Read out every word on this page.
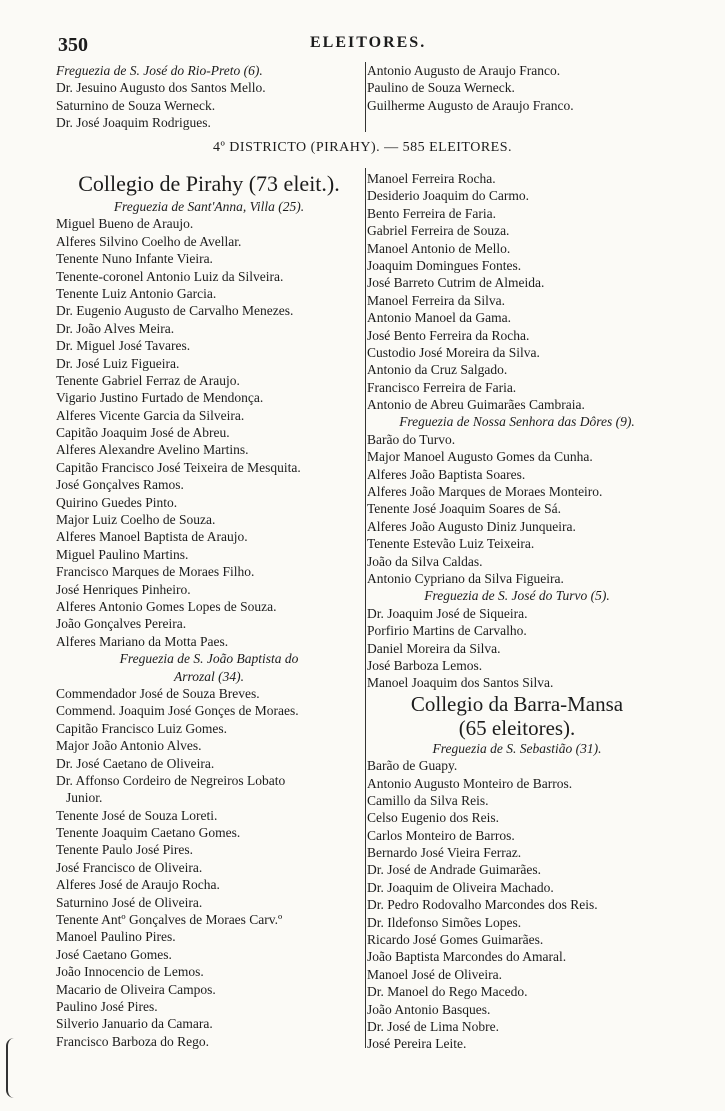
350	ELEITORES.
Freguezia de S. José do Rio-Preto (6).
Dr. Jesuino Augusto dos Santos Mello.
Saturnino de Souza Werneck.
Dr. José Joaquim Rodrigues.
Antonio Augusto de Araujo Franco.
Paulino de Souza Werneck.
Guilherme Augusto de Araujo Franco.
4º DISTRICTO (PIRAHY). — 585 ELEITORES.
Collegio de Pirahy (73 eleit.).
Freguezia de Sant'Anna, Villa (25).
Miguel Bueno de Araujo.
Alferes Silvino Coelho de Avellar.
Tenente Nuno Infante Vieira.
Tenente-coronel Antonio Luiz da Silveira.
Tenente Luiz Antonio Garcia.
Dr. Eugenio Augusto de Carvalho Menezes.
Dr. João Alves Meira.
Dr. Miguel José Tavares.
Dr. José Luiz Figueira.
Tenente Gabriel Ferraz de Araujo.
Vigario Justino Furtado de Mendonça.
Alferes Vicente Garcia da Silveira.
Capitão Joaquim José de Abreu.
Alferes Alexandre Avelino Martins.
Capitão Francisco José Teixeira de Mesquita.
José Gonçalves Ramos.
Quirino Guedes Pinto.
Major Luiz Coelho de Souza.
Alferes Manoel Baptista de Araujo.
Miguel Paulino Martins.
Francisco Marques de Moraes Filho.
José Henriques Pinheiro.
Alferes Antonio Gomes Lopes de Souza.
João Gonçalves Pereira.
Alferes Mariano da Motta Paes.
Freguezia de S. João Baptista do
Arrozal (34).
Commendador José de Souza Breves.
Commend. Joaquim José Gonçes de Moraes.
Capitão Francisco Luiz Gomes.
Major João Antonio Alves.
Dr. José Caetano de Oliveira.
Dr. Affonso Cordeiro de Negreiros Lobato
Junior.
Tenente José de Souza Loreti.
Tenente Joaquim Caetano Gomes.
Tenente Paulo José Pires.
José Francisco de Oliveira.
Alferes José de Araujo Rocha.
Saturnino José de Oliveira.
Tenente Antº Gonçalves de Moraes Carv.º
Manoel Paulino Pires.
José Caetano Gomes.
João Innocencio de Lemos.
Macario de Oliveira Campos.
Paulino José Pires.
Silverio Januario da Camara.
Francisco Barboza do Rego.
Manoel Ferreira Rocha.
Desiderio Joaquim do Carmo.
Bento Ferreira de Faria.
Gabriel Ferreira de Souza.
Manoel Antonio de Mello.
Joaquim Domingues Fontes.
José Barreto Cutrim de Almeida.
Manoel Ferreira da Silva.
Antonio Manoel da Gama.
José Bento Ferreira da Rocha.
Custodio José Moreira da Silva.
Antonio da Cruz Salgado.
Francisco Ferreira de Faria.
Antonio de Abreu Guimarães Cambraia.
Freguezia de Nossa Senhora das Dôres (9).
Barão do Turvo.
Major Manoel Augusto Gomes da Cunha.
Alferes João Baptista Soares.
Alferes João Marques de Moraes Monteiro.
Tenente José Joaquim Soares de Sá.
Alferes João Augusto Diniz Junqueira.
Tenente Estevão Luiz Teixeira.
João da Silva Caldas.
Antonio Cypriano da Silva Figueira.
Freguezia de S. José do Turvo (5).
Dr. Joaquim José de Siqueira.
Porfirio Martins de Carvalho.
Daniel Moreira da Silva.
José Barboza Lemos.
Manoel Joaquim dos Santos Silva.
Collegio da Barra-Mansa
(65 eleitores).
Freguezia de S. Sebastião (31).
Barão de Guapy.
Antonio Augusto Monteiro de Barros.
Camillo da Silva Reis.
Celso Eugenio dos Reis.
Carlos Monteiro de Barros.
Bernardo José Vieira Ferraz.
Dr. José de Andrade Guimarães.
Dr. Joaquim de Oliveira Machado.
Dr. Pedro Rodovalho Marcondes dos Reis.
Dr. Ildefonso Simões Lopes.
Ricardo José Gomes Guimarães.
João Baptista Marcondes do Amaral.
Manoel José de Oliveira.
Dr. Manoel do Rego Macedo.
João Antonio Basques.
Dr. José de Lima Nobre.
José Pereira Leite.
